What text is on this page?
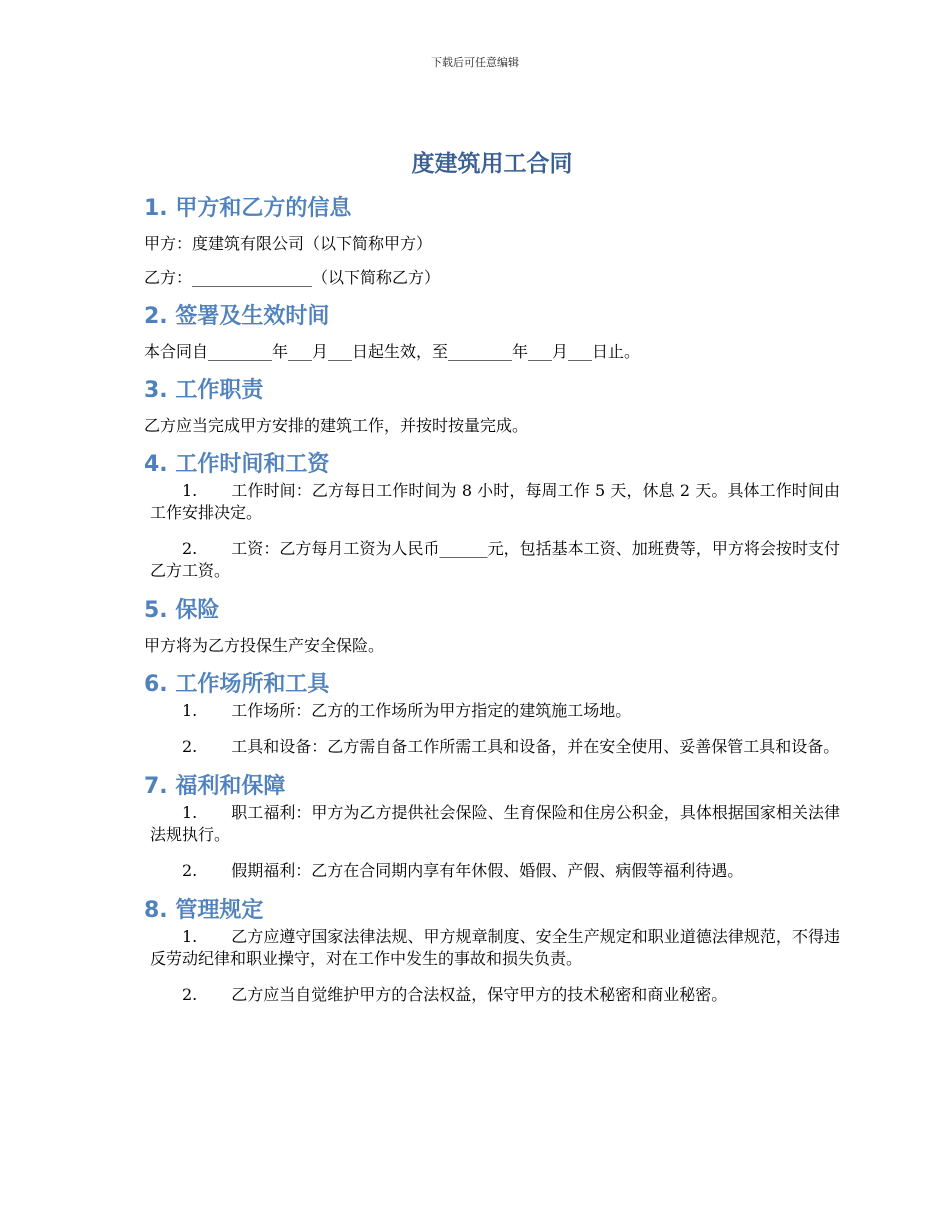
下载后可任意编辑
度建筑用工合同
1. 甲方和乙方的信息

甲方：度建筑有限公司（以下简称甲方）

乙方：_______________（以下简称乙方）

2. 签署及生效时间

本合同自________年___月___日起生效，至________年___月___日止。

3. 工作职责

乙方应当完成甲方安排的建筑工作，并按时按量完成。

4. 工作时间和工资
1. 工作时间：乙方每日工作时间为 8 小时，每周工作 5 天，休息 2 天。具体工作时间由工作安排决定。
2. 工资：乙方每月工资为人民币______元，包括基本工资、加班费等，甲方将会按时支付乙方工资。
5. 保险

甲方将为乙方投保生产安全保险。

6. 工作场所和工具
1. 工作场所：乙方的工作场所为甲方指定的建筑施工场地。
2. 工具和设备：乙方需自备工作所需工具和设备，并在安全使用、妥善保管工具和设备。
7. 福利和保障
1. 职工福利：甲方为乙方提供社会保险、生育保险和住房公积金，具体根据国家相关法律法规执行。
2. 假期福利：乙方在合同期内享有年休假、婚假、产假、病假等福利待遇。
8. 管理规定
1. 乙方应遵守国家法律法规、甲方规章制度、安全生产规定和职业道德法律规范，不得违反劳动纪律和职业操守，对在工作中发生的事故和损失负责。
2. 乙方应当自觉维护甲方的合法权益，保守甲方的技术秘密和商业秘密。
